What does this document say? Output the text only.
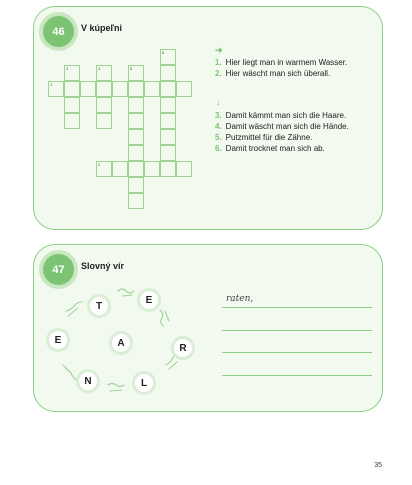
46	V kúpeľni
1
3	4	5
6
2
➜
1. Hier liegt man in warmem Wasser.
2. Hier wäscht man sich überall.
↓
3. Damit kämmt man sich die Haare.
4. Damit wäscht man sich die Hände.
5. Putzmittel für die Zähne.
6. Damit trocknet man sich ab.
47	Slovný vír
T
E
E	A	R
N	L
raten,
35
